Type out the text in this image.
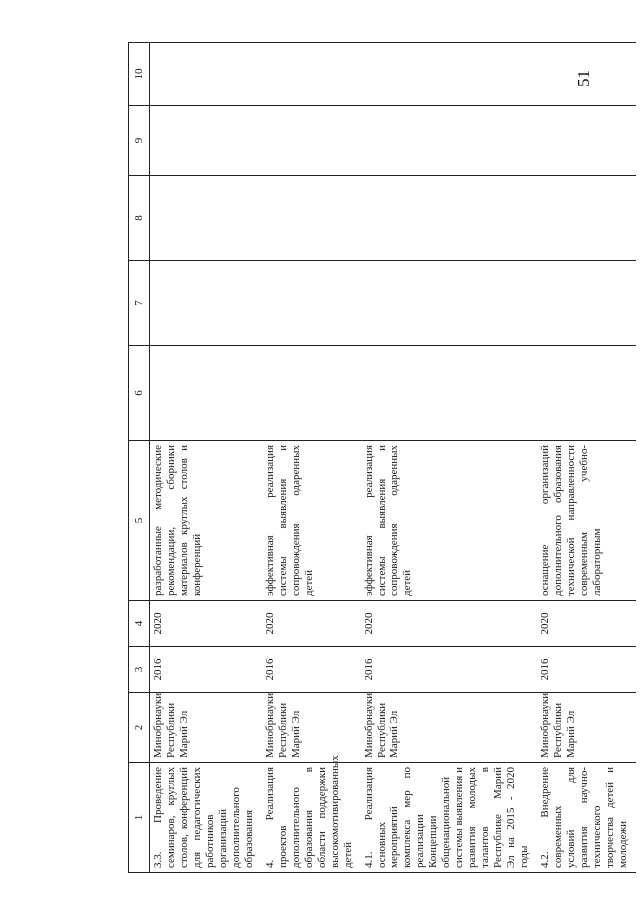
51
1	2	3	4	5	6	7	8	9	10
3.3. Проведение семинаров, круглых столов, конференций для педагогических работников организаций дополнительного образования	Минобрнауки Республики Марий Эл	2016	2020	разработанные методические рекомендации, сборники материалов круглых столов и конференций					
4. Реализация проектов дополнительного образования в области поддержки высокомотивированных детей	Минобрнауки Республики Марий Эл	2016	2020	эффективная реализация системы выявления и сопровождения одаренных детей					
4.1. Реализация основных мероприятий комплекса мер по реализации Концепции общенациональной системы выявления и развития молодых талантов в Республике Марий Эл на 2015 - 2020 годы	Минобрнауки Республики Марий Эл	2016	2020	эффективная реализация системы выявления и сопровождения одаренных детей					
4.2. Внедрение современных условий для развития научно-технического творчества детей и молодежи	Минобрнауки Республики Марий Эл	2016	2020	оснащение организаций дополнительного образования технической направленности современным учебно-лабораторным					
